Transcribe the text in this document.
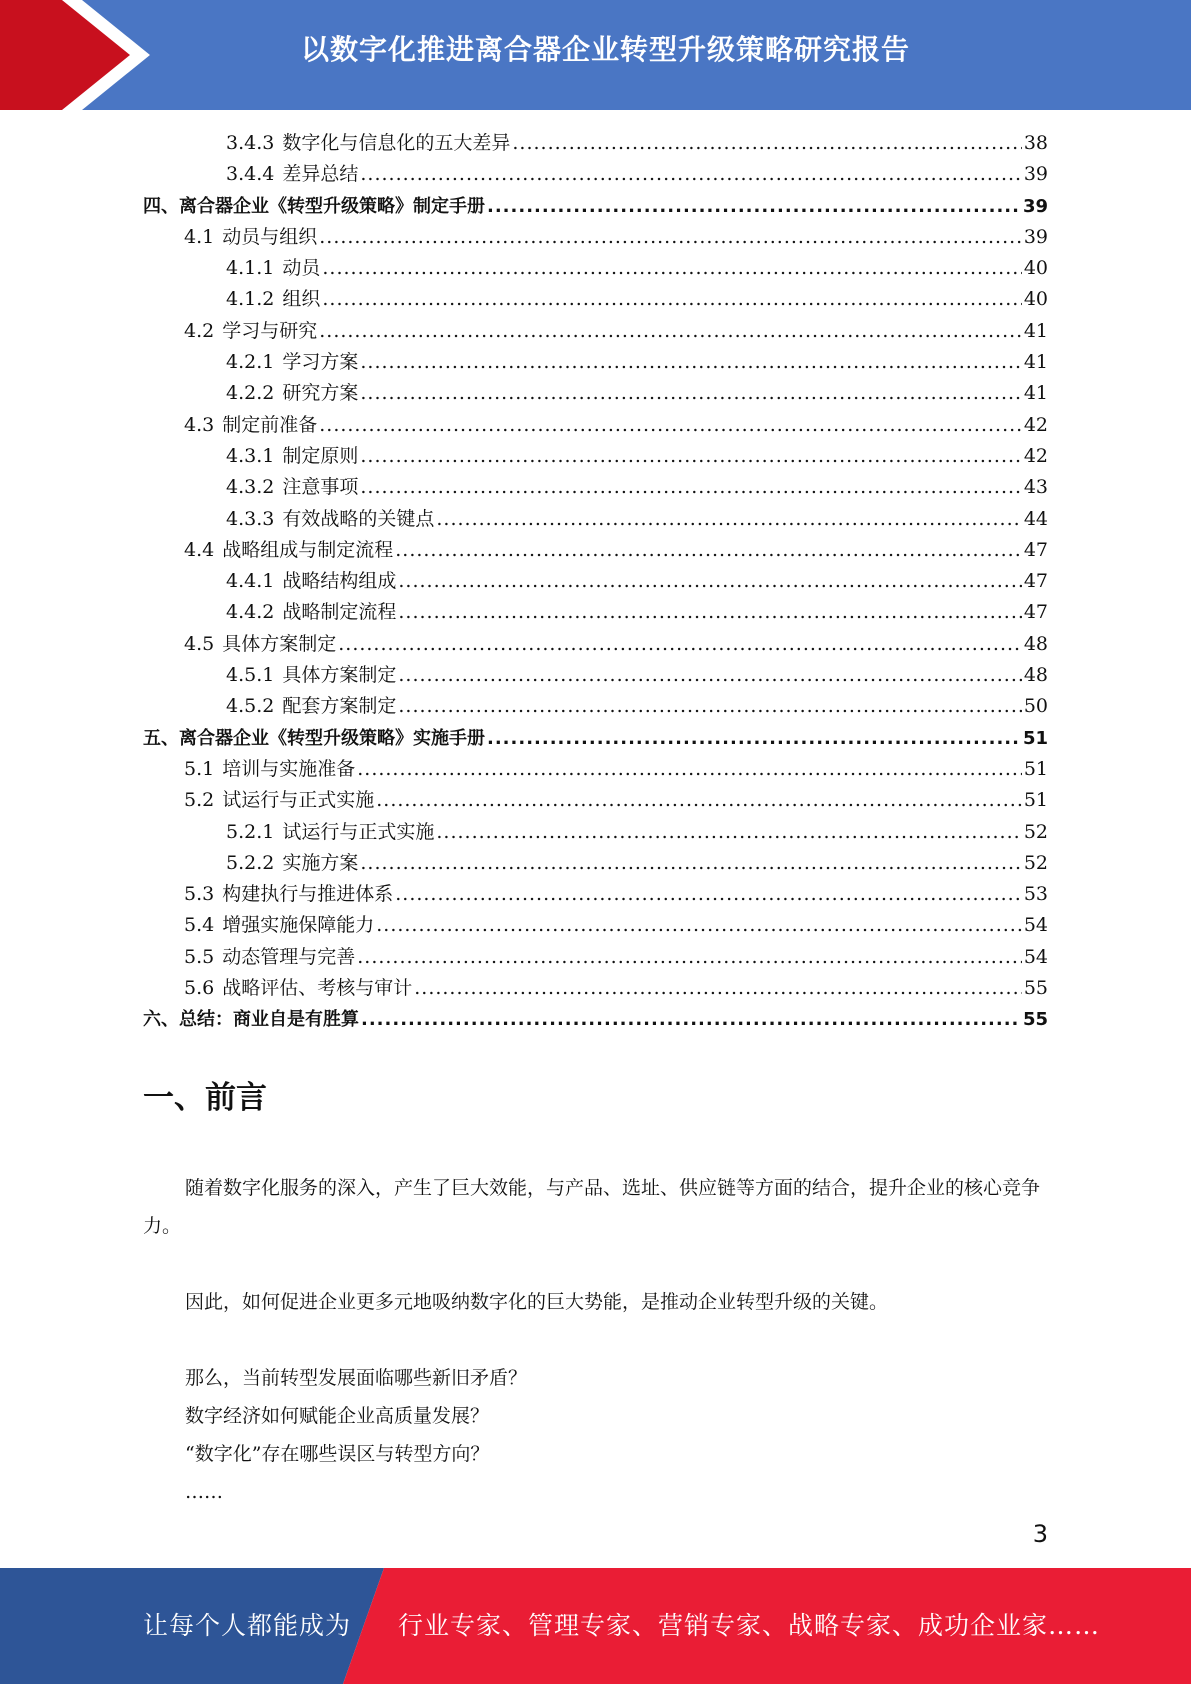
以数字化推进离合器企业转型升级策略研究报告
3.4.3 数字化与信息化的五大差异 .....	38
3.4.4 差异总结 .....	39
四、离合器企业《转型升级策略》制定手册 .....	39
4.1 动员与组织 .....	39
4.1.1 动员 .....	40
4.1.2 组织 .....	40
4.2 学习与研究 .....	41
4.2.1 学习方案 .....	41
4.2.2 研究方案 .....	41
4.3 制定前准备 .....	42
4.3.1 制定原则 .....	42
4.3.2 注意事项 .....	43
4.3.3 有效战略的关键点 .....	44
4.4 战略组成与制定流程 .....	47
4.4.1 战略结构组成 .....	47
4.4.2 战略制定流程 .....	47
4.5 具体方案制定 .....	48
4.5.1 具体方案制定 .....	48
4.5.2 配套方案制定 .....	50
五、离合器企业《转型升级策略》实施手册 .....	51
5.1 培训与实施准备 .....	51
5.2 试运行与正式实施 .....	51
5.2.1 试运行与正式实施 .....	52
5.2.2 实施方案 .....	52
5.3 构建执行与推进体系 .....	53
5.4 增强实施保障能力 .....	54
5.5 动态管理与完善 .....	54
5.6 战略评估、考核与审计 .....	55
六、总结：商业自是有胜算 .....	55
一、前言
随着数字化服务的深入，产生了巨大效能，与产品、选址、供应链等方面的结合，提升企业的核心竞争力。
因此，如何促进企业更多元地吸纳数字化的巨大势能，是推动企业转型升级的关键。
那么，当前转型发展面临哪些新旧矛盾？
数字经济如何赋能企业高质量发展？
“数字化”存在哪些误区与转型方向？
……
3
让每个人都能成为 行业专家、管理专家、营销专家、战略专家、成功企业家……
